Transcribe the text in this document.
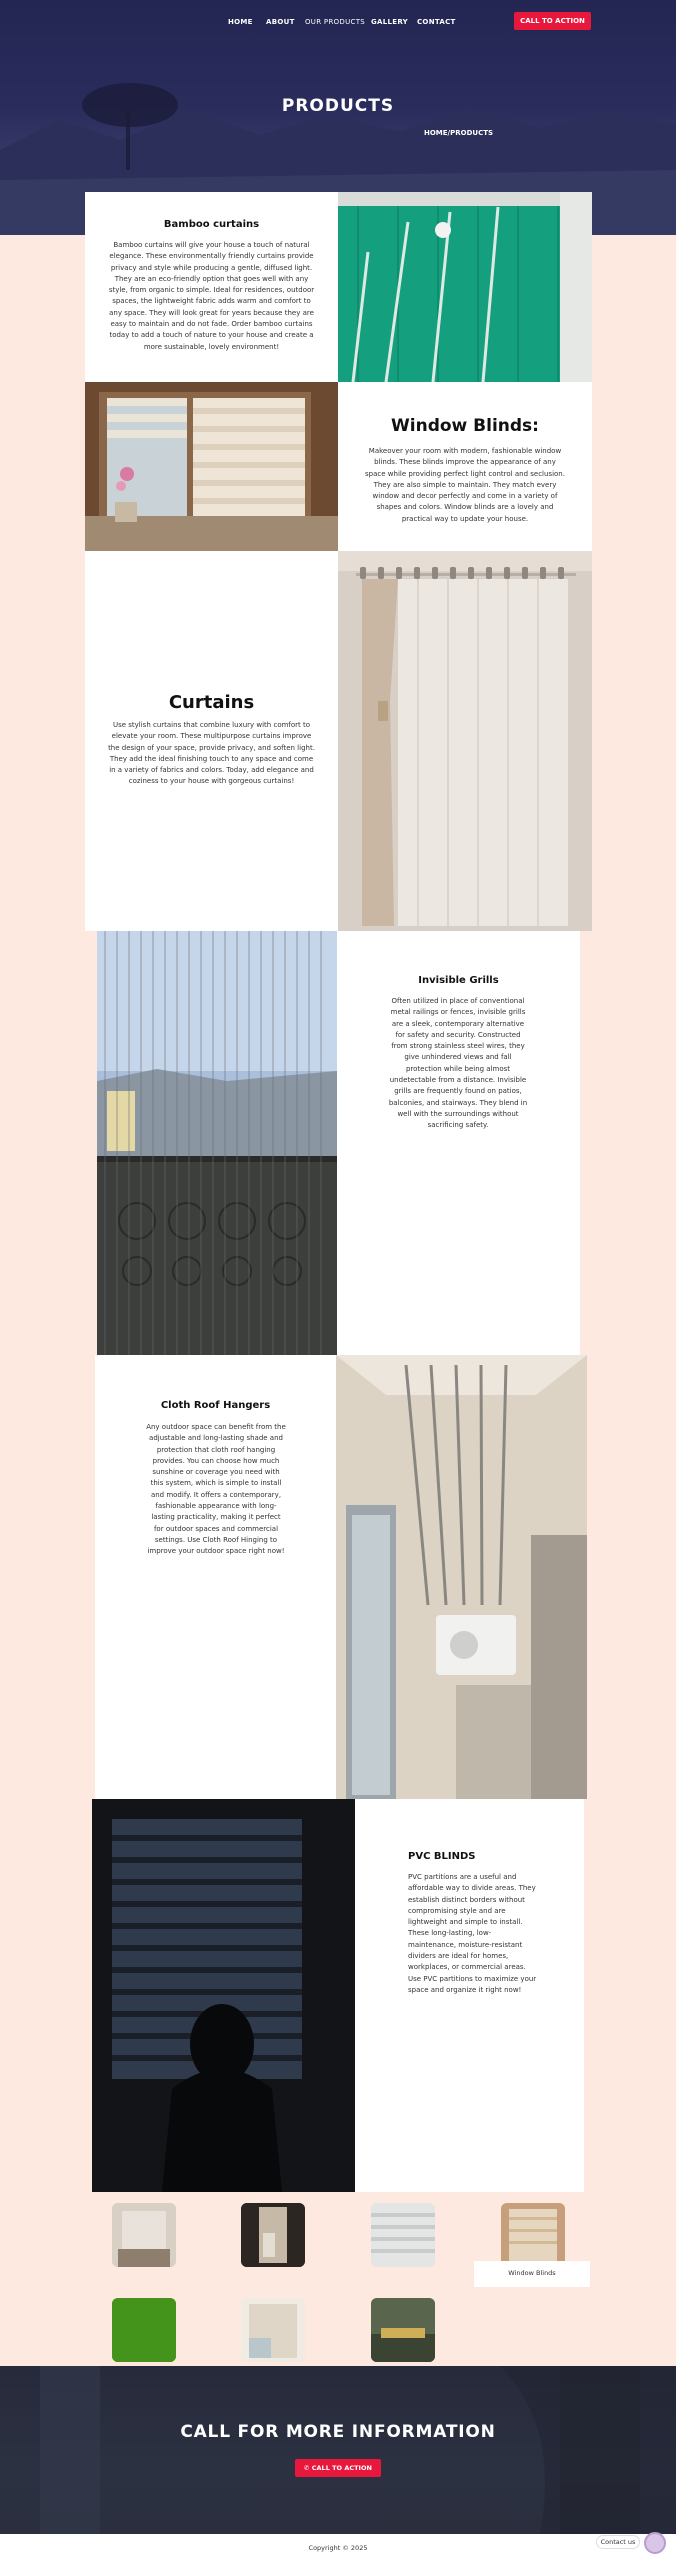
HOME ABOUT OUR PRODUCTS GALLERY CONTACT	CALL TO ACTION
PRODUCTS
HOME/PRODUCTS
Bamboo curtains
Bamboo curtains will give your house a touch of natural elegance. These environmentally friendly curtains provide privacy and style while producing a gentle, diffused light. They are an eco-friendly option that goes well with any style, from organic to simple. Ideal for residences, outdoor spaces, the lightweight fabric adds warm and comfort to any space. They will look great for years because they are easy to maintain and do not fade. Order bamboo curtains today to add a touch of nature to your house and create a more sustainable, lovely environment!
Window Blinds:
Makeover your room with modern, fashionable window blinds. These blinds improve the appearance of any space while providing perfect light control and seclusion. They are also simple to maintain. They match every window and decor perfectly and come in a variety of shapes and colors. Window blinds are a lovely and practical way to update your house.
Curtains
Use stylish curtains that combine luxury with comfort to elevate your room. These multipurpose curtains improve the design of your space, provide privacy, and soften light. They add the ideal finishing touch to any space and come in a variety of fabrics and colors. Today, add elegance and coziness to your house with gorgeous curtains!
Invisible Grills
Often utilized in place of conventional metal railings or fences, invisible grills are a sleek, contemporary alternative for safety and security. Constructed from strong stainless steel wires, they give unhindered views and fall protection while being almost undetectable from a distance. Invisible grills are frequently found on patios, balconies, and stairways. They blend in well with the surroundings without sacrificing safety.
Cloth Roof Hangers
Any outdoor space can benefit from the adjustable and long-lasting shade and protection that cloth roof hanging provides. You can choose how much sunshine or coverage you need with this system, which is simple to install and modify. It offers a contemporary, fashionable appearance with long-lasting practicality, making it perfect for outdoor spaces and commercial settings. Use Cloth Roof Hinging to improve your outdoor space right now!
PVC BLINDS
PVC partitions are a useful and affordable way to divide areas. They establish distinct borders without compromising style and are lightweight and simple to install. These long-lasting, low-maintenance, moisture-resistant dividers are ideal for homes, workplaces, or commercial areas. Use PVC partitions to maximize your space and organize it right now!
Window Blinds
CALL FOR MORE INFORMATION
✆ CALL TO ACTION
Copyright © 2025
Contact us
